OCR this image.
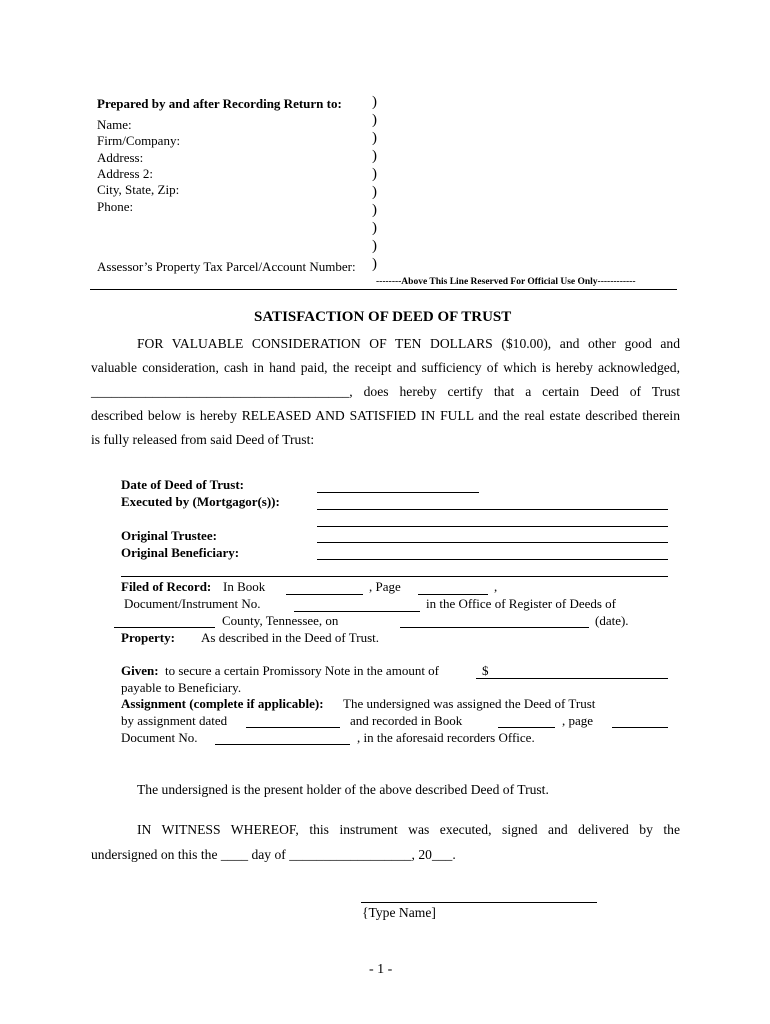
Prepared by and after Recording Return to:
Name:
Firm/Company:
Address:
Address 2:
City, State, Zip:
Phone:
Assessor’s Property Tax Parcel/Account Number:
)
)
)
)
)
)
)
)
)
)
--------Above This Line Reserved For Official Use Only------------
SATISFACTION OF DEED OF TRUST
FOR VALUABLE CONSIDERATION OF TEN DOLLARS ($10.00), and other good and
valuable consideration, cash in hand paid, the receipt and sufficiency of which is hereby acknowledged,
______________________________________, does hereby certify that a certain Deed of Trust
described below is hereby RELEASED AND SATISFIED IN FULL and the real estate described therein
is fully released from said Deed of Trust:
Date of Deed of Trust:
Executed by (Mortgagor(s)):
Original Trustee:
Original Beneficiary:
Filed of Record: In Book	, Page	,
Document/Instrument No.	in the Office of Register of Deeds of
County, Tennessee, on	(date).
Property: As described in the Deed of Trust.
Given: to secure a certain Promissory Note in the amount of	$
payable to Beneficiary.
Assignment (complete if applicable): The undersigned was assigned the Deed of Trust
by assignment dated	and recorded in Book	, page
Document No.	, in the aforesaid recorders Office.
The undersigned is the present holder of the above described Deed of Trust.
IN WITNESS WHEREOF, this instrument was executed, signed and delivered by the
undersigned on this the ____ day of __________________, 20___.
{Type Name]
- 1 -
